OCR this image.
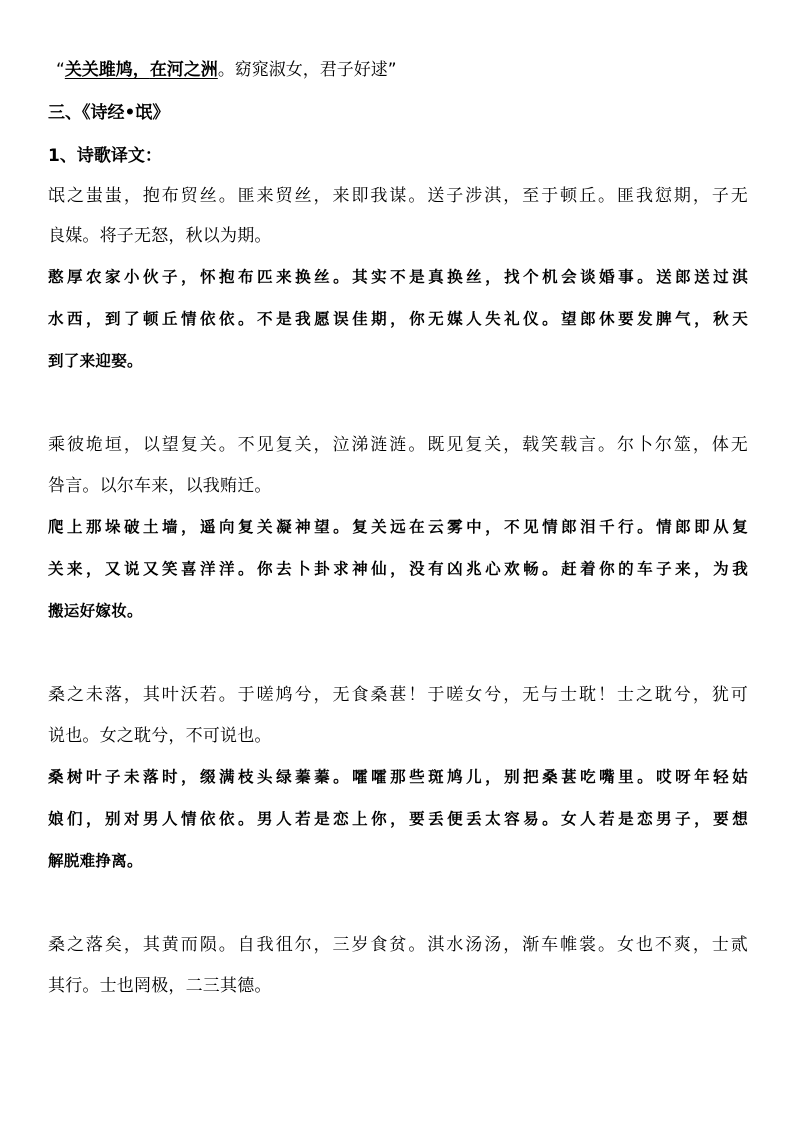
“关关雎鸠，在河之洲。窈窕淑女，君子好逑”
三、《诗经•氓》
1、诗歌译文：
氓之蚩蚩，抱布贸丝。匪来贸丝，来即我谋。送子涉淇，至于顿丘。匪我愆期，子无
良媒。将子无怒，秋以为期。
憨厚农家小伙子，怀抱布匹来换丝。其实不是真换丝，找个机会谈婚事。送郎送过淇
水西，到了顿丘情依依。不是我愿误佳期，你无媒人失礼仪。望郎休要发脾气，秋天
到了来迎娶。
乘彼垝垣，以望复关。不见复关，泣涕涟涟。既见复关，载笑载言。尔卜尔筮，体无
咎言。以尔车来，以我贿迁。
爬上那垛破土墙，遥向复关凝神望。复关远在云雾中，不见情郎泪千行。情郎即从复
关来，又说又笑喜洋洋。你去卜卦求神仙，没有凶兆心欢畅。赶着你的车子来，为我
搬运好嫁妆。
桑之未落，其叶沃若。于嗟鸠兮，无食桑葚！于嗟女兮，无与士耽！士之耽兮，犹可
说也。女之耽兮，不可说也。
桑树叶子未落时，缀满枝头绿蓁蓁。嚯嚯那些斑鸠儿，别把桑葚吃嘴里。哎呀年轻姑
娘们，别对男人情依依。男人若是恋上你，要丢便丢太容易。女人若是恋男子，要想
解脱难挣离。
桑之落矣，其黄而陨。自我徂尔，三岁食贫。淇水汤汤，渐车帷裳。女也不爽，士贰
其行。士也罔极，二三其德。
